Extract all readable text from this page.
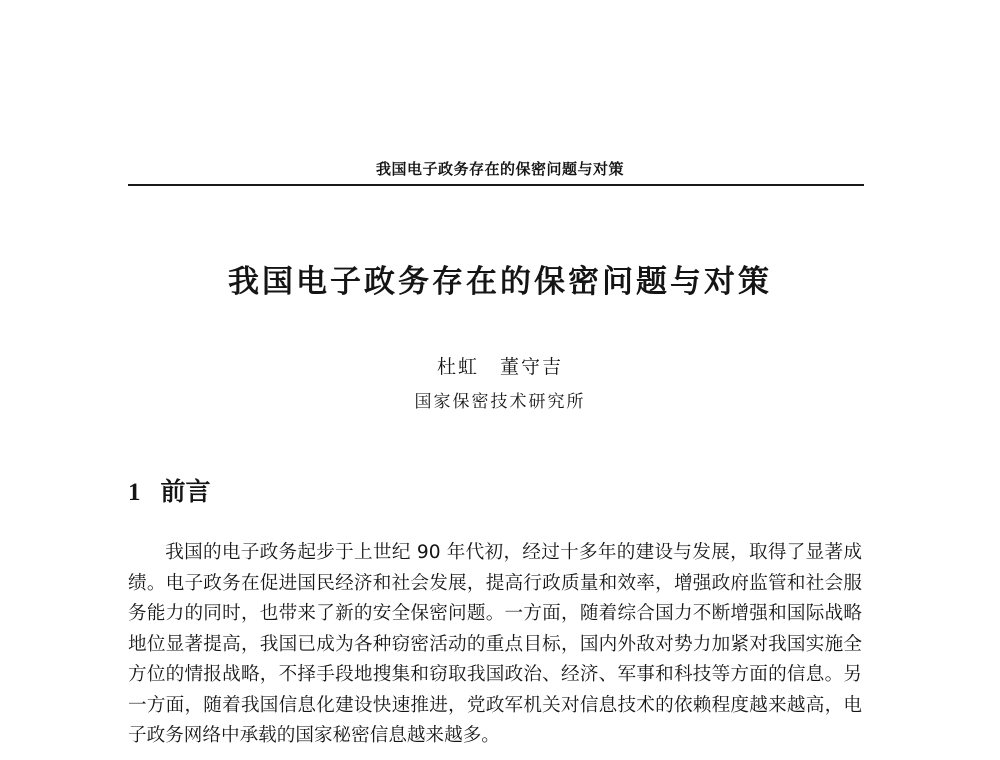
我国电子政务存在的保密问题与对策
我国电子政务存在的保密问题与对策
杜虹　董守吉
国家保密技术研究所
1 前言

我国的电子政务起步于上世纪 90 年代初，经过十多年的建设与发展，取得了显著成绩。电子政务在促进国民经济和社会发展，提高行政质量和效率，增强政府监管和社会服务能力的同时，也带来了新的安全保密问题。一方面，随着综合国力不断增强和国际战略地位显著提高，我国已成为各种窃密活动的重点目标，国内外敌对势力加紧对我国实施全方位的情报战略，不择手段地搜集和窃取我国政治、经济、军事和科技等方面的信息。另一方面，随着我国信息化建设快速推进，党政军机关对信息技术的依赖程度越来越高，电子政务网络中承载的国家秘密信息越来越多。
